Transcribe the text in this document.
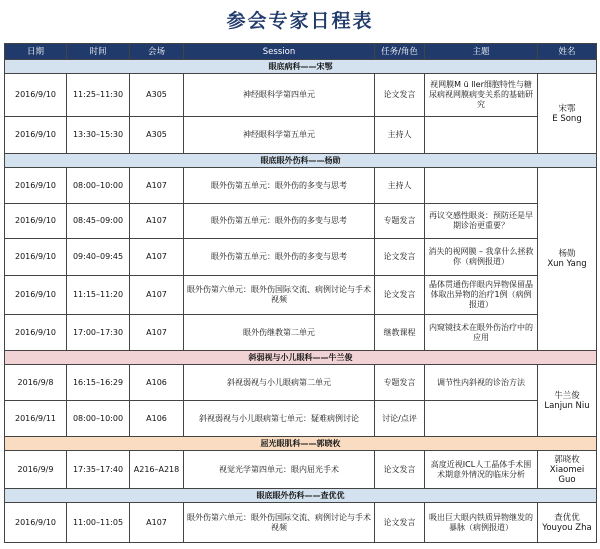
参会专家日程表
日期	时间	会场	Session	任务/角色	主题	姓名
眼底病科——宋鄂						
2016/9/10	11:25–11:30	A305	神经眼科学第四单元	论文发言	视网膜M ü ller细胞特性与糖尿病视网膜病变关系的基础研究	宋鄂
E Song

2016/9/10	13:30–15:30	A305	神经眼科学第五单元	主持人		
眼底眼外伤科——杨勋						
2016/9/10	08:00–10:00	A107	眼外伤第五单元：眼外伤的多变与思考	主持人		杨勋
Xun Yang

2016/9/10	08:45–09:00	A107	眼外伤第五单元：眼外伤的多变与思考	专题发言	再议交感性眼炎：预防还是早期诊治更重要？	
2016/9/10	09:40–09:45	A107	眼外伤第五单元：眼外伤的多变与思考	论文发言	消失的视网膜 – 我拿什么拯救你（病例报道）	
2016/9/10	11:15–11:20	A107	眼外伤第六单元：眼外伤国际交流、病例讨论与手术视频	论文发言	晶体贯通伤伴眼内异物保留晶体取出异物的治疗1例（病例报道）	
2016/9/10	17:00–17:30	A107	眼外伤继教第二单元	继教课程	内窥镜技术在眼外伤治疗中的应用	
斜弱视与小儿眼科——牛兰俊						
2016/9/8	16:15–16:29	A106	斜视弱视与小儿眼病第二单元	专题发言	调节性内斜视的诊治方法	牛兰俊
Lanjun Niu

2016/9/11	08:00–10:00	A106	斜视弱视与小儿眼病第七单元：疑难病例讨论	讨论/点评		
屈光眼肌科——郭晓枚						
2016/9/9	17:35–17:40	A216–A218	视觉光学第四单元：眼内屈光手术	论文发言	高度近视ICL人工晶体手术围术期意外情况的临床分析	郭晓枚
Xiaomei Guo

眼底眼外伤科——查优优						
2016/9/10	11:00–11:05	A107	眼外伤第六单元：眼外伤国际交流、病例讨论与手术视频	论文发言	吸出巨大眼内铁质异物继发的暴脉（病例报道）	查优优
Youyou Zha
